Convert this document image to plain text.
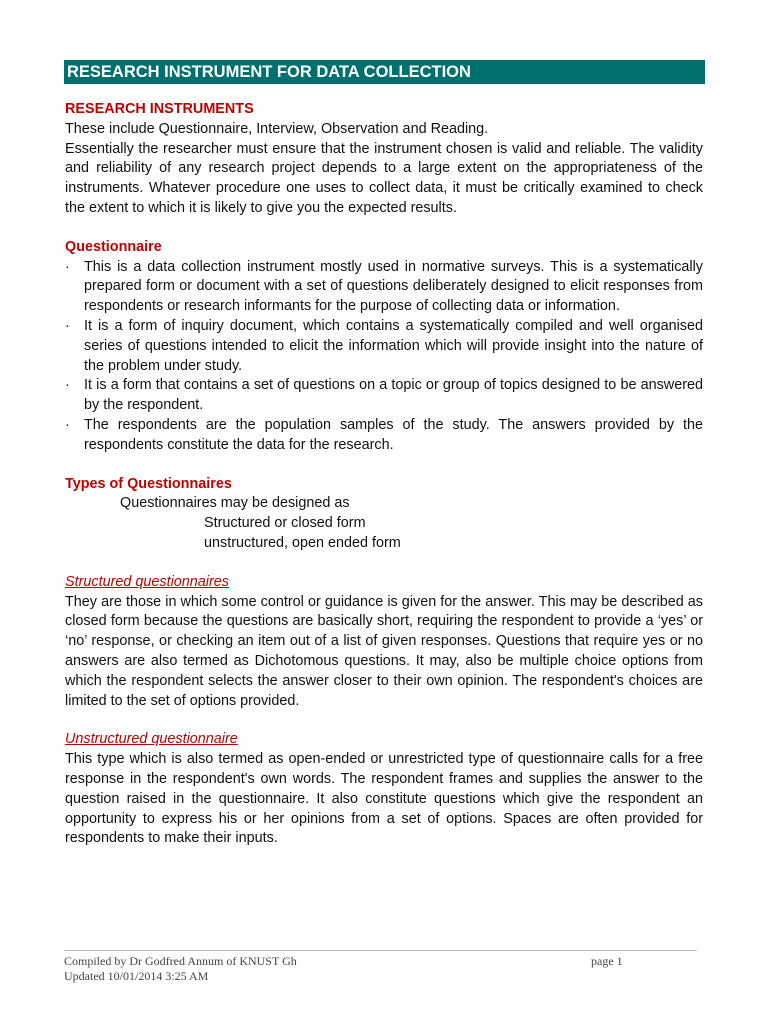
RESEARCH INSTRUMENT FOR DATA COLLECTION

RESEARCH INSTRUMENTS

These include Questionnaire, Interview, Observation and Reading.

Essentially the researcher must ensure that the instrument chosen is valid and reliable. The validity and reliability of any research project depends to a large extent on the appropriateness of the instruments. Whatever procedure one uses to collect data, it must be critically examined to check the extent to which it is likely to give you the expected results.

Questionnaire

· This is a data collection instrument mostly used in normative surveys. This is a systematically prepared form or document with a set of questions deliberately designed to elicit responses from respondents or research informants for the purpose of collecting data or information.
· It is a form of inquiry document, which contains a systematically compiled and well organised series of questions intended to elicit the information which will provide insight into the nature of the problem under study.
· It is a form that contains a set of questions on a topic or group of topics designed to be answered by the respondent.
· The respondents are the population samples of the study. The answers provided by the respondents constitute the data for the research.

Types of Questionnaires

Questionnaires may be designed as

Structured or closed form

unstructured, open ended form

Structured questionnaires

They are those in which some control or guidance is given for the answer. This may be described as closed form because the questions are basically short, requiring the respondent to provide a ‘yes’ or ‘no’ response, or checking an item out of a list of given responses. Questions that require yes or no answers are also termed as Dichotomous questions. It may, also be multiple choice options from which the respondent selects the answer closer to their own opinion. The respondent's choices are limited to the set of options provided.

Unstructured questionnaire

This type which is also termed as open-ended or unrestricted type of questionnaire calls for a free response in the respondent's own words. The respondent frames and supplies the answer to the question raised in the questionnaire. It also constitute questions which give the respondent an opportunity to express his or her opinions from a set of options. Spaces are often provided for respondents to make their inputs.

Compiled by Dr Godfred Annum of KNUST Gh	page 1
Updated 10/01/2014 3:25 AM
